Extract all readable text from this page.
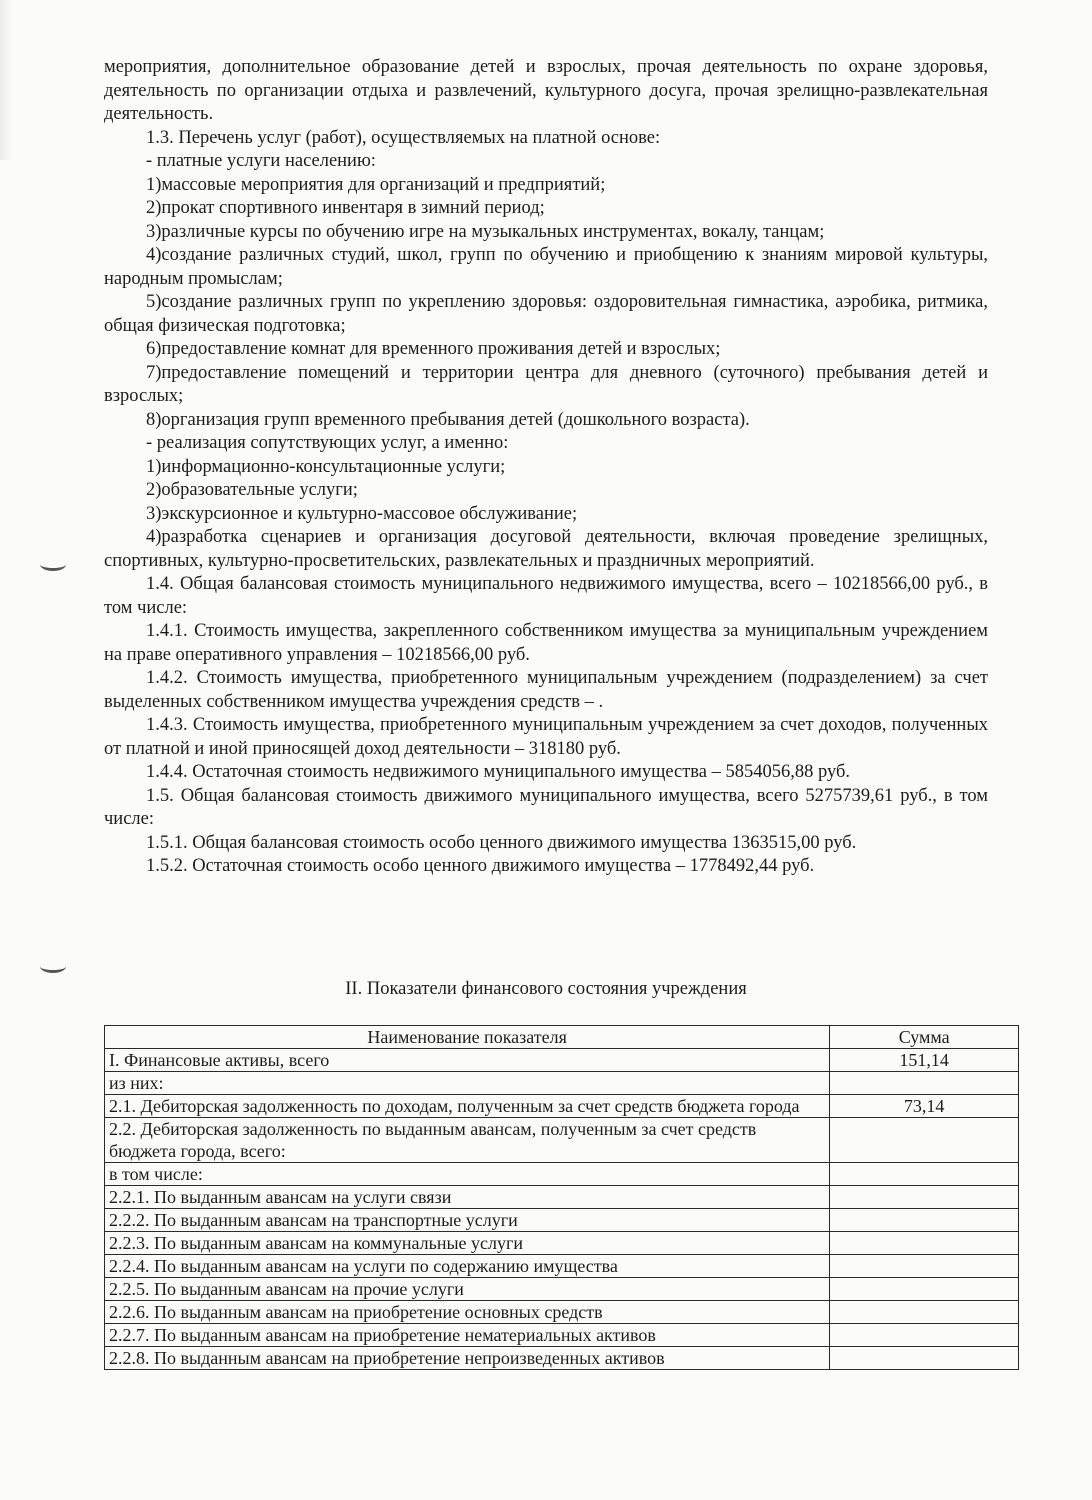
мероприятия, дополнительное образование детей и взрослых, прочая деятельность по охране здоровья, деятельность по организации отдыха и развлечений, культурного досуга, прочая зрелищно-развлекательная деятельность.

1.3. Перечень услуг (работ), осуществляемых на платной основе:

- платные услуги населению:

1)массовые мероприятия для организаций и предприятий;

2)прокат спортивного инвентаря в зимний период;

3)различные курсы по обучению игре на музыкальных инструментах, вокалу, танцам;

4)создание различных студий, школ, групп по обучению и приобщению к знаниям мировой культуры, народным промыслам;

5)создание различных групп по укреплению здоровья: оздоровительная гимнастика, аэробика, ритмика, общая физическая подготовка;

6)предоставление комнат для временного проживания детей и взрослых;

7)предоставление помещений и территории центра для дневного (суточного) пребывания детей и взрослых;

8)организация групп временного пребывания детей (дошкольного возраста).

- реализация сопутствующих услуг, а именно:

1)информационно-консультационные услуги;

2)образовательные услуги;

3)экскурсионное и культурно-массовое обслуживание;

4)разработка сценариев и организация досуговой деятельности, включая проведение зрелищных, спортивных, культурно-просветительских, развлекательных и праздничных мероприятий.

1.4. Общая балансовая стоимость муниципального недвижимого имущества, всего – 10218566,00 руб., в том числе:

1.4.1. Стоимость имущества, закрепленного собственником имущества за муниципальным учреждением на праве оперативного управления – 10218566,00 руб.

1.4.2. Стоимость имущества, приобретенного муниципальным учреждением (подразделением) за счет выделенных собственником имущества учреждения средств – .

1.4.3. Стоимость имущества, приобретенного муниципальным учреждением за счет доходов, полученных от платной и иной приносящей доход деятельности – 318180 руб.

1.4.4. Остаточная стоимость недвижимого муниципального имущества – 5854056,88 руб.

1.5. Общая балансовая стоимость движимого муниципального имущества, всего 5275739,61 руб., в том числе:

1.5.1. Общая балансовая стоимость особо ценного движимого имущества 1363515,00 руб.

1.5.2. Остаточная стоимость особо ценного движимого имущества – 1778492,44 руб.

II. Показатели финансового состояния учреждения
Наименование показателя	Сумма
I. Финансовые активы, всего	151,14
из них:	
2.1. Дебиторская задолженность по доходам, полученным за счет средств бюджета города	73,14
2.2. Дебиторская задолженность по выданным авансам, полученным за счет средств бюджета города, всего:	
в том числе:	
2.2.1. По выданным авансам на услуги связи	
2.2.2. По выданным авансам на транспортные услуги	
2.2.3. По выданным авансам на коммунальные услуги	
2.2.4. По выданным авансам на услуги по содержанию имущества	
2.2.5. По выданным авансам на прочие услуги	
2.2.6. По выданным авансам на приобретение основных средств	
2.2.7. По выданным авансам на приобретение нематериальных активов	
2.2.8. По выданным авансам на приобретение непроизведенных активов	
